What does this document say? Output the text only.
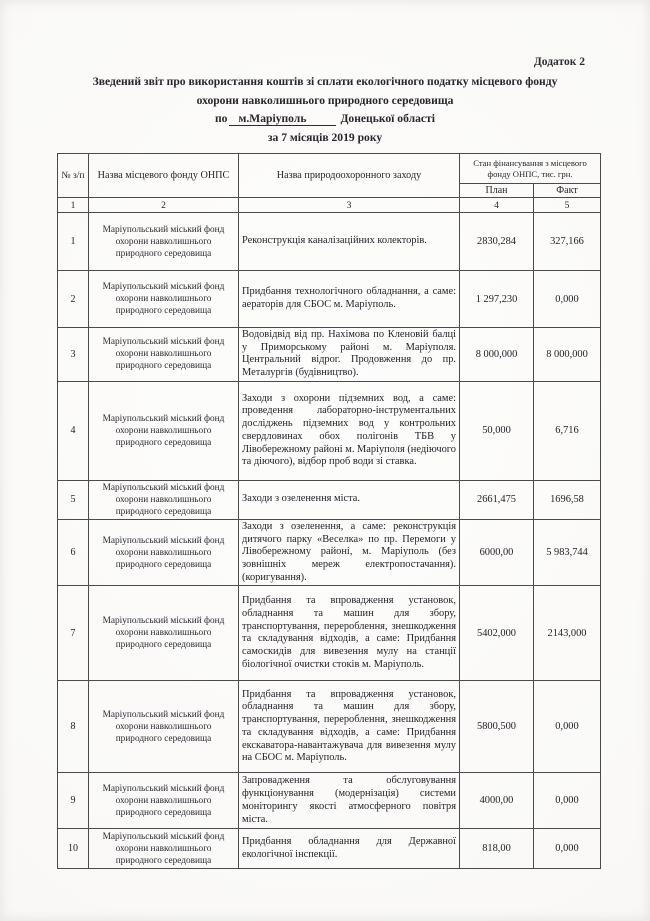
Додаток 2
Зведений звіт про використання коштів зі сплати екологічного податку місцевого фонду
охорони навколишнього природного середовища
по м.Маріуполь	Донецької області
за 7 місяців 2019 року
№ з/п	Назва місцевого фонду ОНПС	Назва природоохоронного заходу	Стан фінансування з місцевого фонду ОНПС, тис. грн.	
			План	Факт
1	2	3	4	5
1	Маріупольський міський фонд охорони навколишнього природного середовища	Реконструкція каналізаційних колекторів.	2830,284	327,166
2	Маріупольський міський фонд охорони навколишнього природного середовища	Придбання технологічного обладнання, а саме: аераторів для СБОС м. Маріуполь.	1 297,230	0,000
3	Маріупольський міський фонд охорони навколишнього природного середовища	Водовідвід від пр. Нахімова по Кленовій балці у Приморському районі м. Маріуполя. Центральний відрог. Продовження до пр. Металургів (будівництво).	8 000,000	8 000,000
4	Маріупольський міський фонд охорони навколишнього природного середовища	Заходи з охорони підземних вод, а саме: проведення лабораторно-інструментальних досліджень підземних вод у контрольних свердловинах обох полігонів ТБВ у Лівобережному районі м. Маріуполя (недіючого та діючого), відбор проб води зі ставка.	50,000	6,716
5	Маріупольський міський фонд охорони навколишнього природного середовища	Заходи з озеленення міста.	2661,475	1696,58
6	Маріупольський міський фонд охорони навколишнього природного середовища	Заходи з озеленення, а саме: реконструкція дитячого парку «Веселка» по пр. Перемоги у Лівобережному районі, м. Маріуполь (без зовнішніх мереж електропостачання). (коригування).	6000,00	5 983,744
7	Маріупольський міський фонд охорони навколишнього природного середовища	Придбання та впровадження установок, обладнання та машин для збору, транспортування, перероблення, знешкодження та складування відходів, а саме: Придбання самоскидів для вивезення мулу на станції біологічної очистки стоків м. Маріуполь.	5402,000	2143,000
8	Маріупольський міський фонд охорони навколишнього природного середовища	Придбання та впровадження установок, обладнання та машин для збору, транспортування, перероблення, знешкодження та складування відходів, а саме: Придбання екскаватора-навантажувача для вивезення мулу на СБОС м. Маріуполь.	5800,500	0,000
9	Маріупольський міський фонд охорони навколишнього природного середовища	Запровадження та обслуговування функціонування (модернізація) системи моніторингу якості атмосферного повітря міста.	4000,00	0,000
10	Маріупольський міський фонд охорони навколишнього природного середовища	Придбання обладнання для Державної екологічної інспекції.	818,00	0,000
